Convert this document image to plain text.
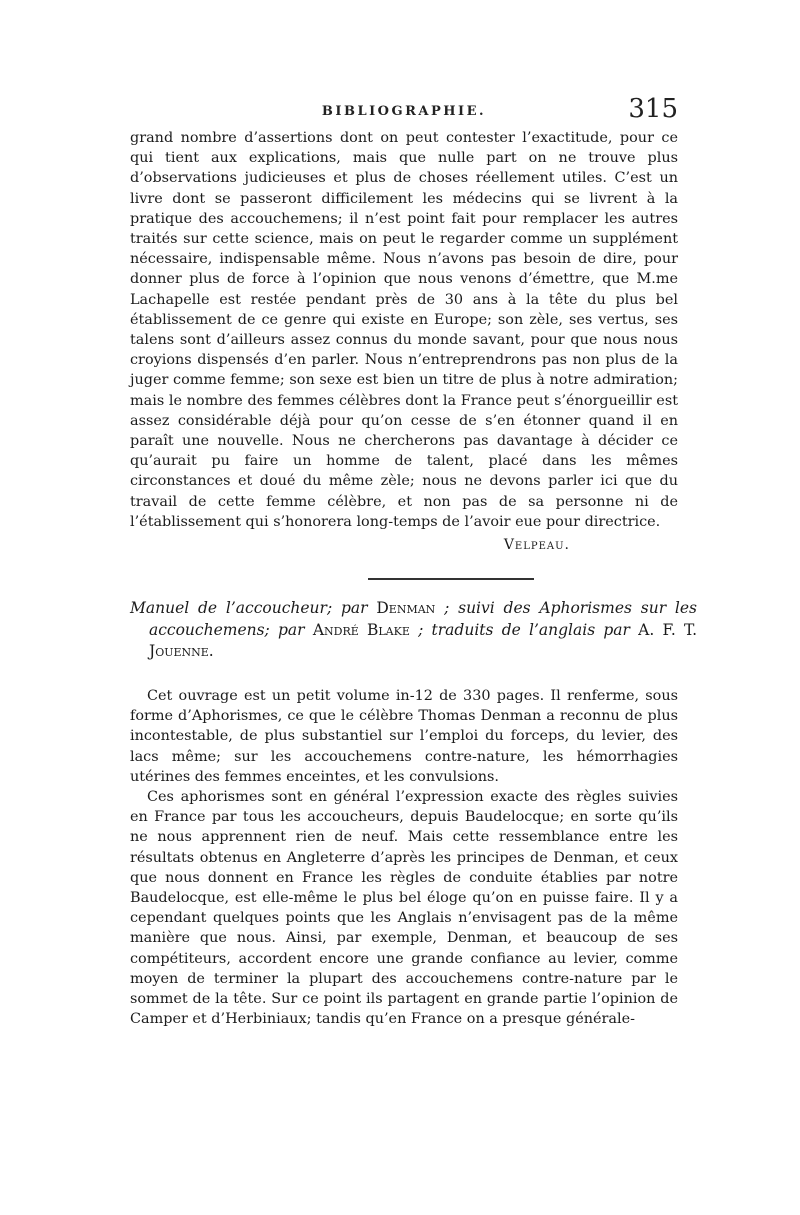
BIBLIOGRAPHIE.	315

grand nombre d’assertions dont on peut contester l’exactitude, pour ce qui tient aux explications, mais que nulle part on ne trouve plus d’observations judicieuses et plus de choses réellement utiles. C’est un livre dont se passeront difficilement les médecins qui se livrent à la pratique des accouchemens; il n’est point fait pour remplacer les autres traités sur cette science, mais on peut le regarder comme un supplément nécessaire, indispensable même. Nous n’avons pas besoin de dire, pour donner plus de force à l’opinion que nous venons d’émettre, que M.me Lachapelle est restée pendant près de 30 ans à la tête du plus bel établissement de ce genre qui existe en Europe; son zèle, ses vertus, ses talens sont d’ailleurs assez connus du monde savant, pour que nous nous croyions dispensés d’en parler. Nous n’entreprendrons pas non plus de la juger comme femme; son sexe est bien un titre de plus à notre admiration; mais le nombre des femmes célèbres dont la France peut s’énorgueillir est assez considérable déjà pour qu’on cesse de s’en étonner quand il en paraît une nouvelle. Nous ne chercherons pas davantage à décider ce qu’aurait pu faire un homme de talent, placé dans les mêmes circonstances et doué du même zèle; nous ne devons parler ici que du travail de cette femme célèbre, et non pas de sa personne ni de l’établissement qui s’honorera long-temps de l’avoir eue pour directrice.

Velpeau.
Manuel de l’accoucheur; par Denman ; suivi des Aphorismes sur les accouchemens; par André Blake ; traduits de l’anglais par A. F. T. Jouenne.

Cet ouvrage est un petit volume in-12 de 330 pages. Il renferme, sous forme d’Aphorismes, ce que le célèbre Thomas Denman a reconnu de plus incontestable, de plus substantiel sur l’emploi du forceps, du levier, des lacs même; sur les accouchemens contre-nature, les hémorrhagies utérines des femmes enceintes, et les convulsions.

Ces aphorismes sont en général l’expression exacte des règles suivies en France par tous les accoucheurs, depuis Baudelocque; en sorte qu’ils ne nous apprennent rien de neuf. Mais cette ressemblance entre les résultats obtenus en Angleterre d’après les principes de Denman, et ceux que nous donnent en France les règles de conduite établies par notre Baudelocque, est elle-même le plus bel éloge qu’on en puisse faire. Il y a cependant quelques points que les Anglais n’envisagent pas de la même manière que nous. Ainsi, par exemple, Denman, et beaucoup de ses compétiteurs, accordent encore une grande confiance au levier, comme moyen de terminer la plupart des accouchemens contre-nature par le sommet de la tête. Sur ce point ils partagent en grande partie l’opinion de Camper et d’Herbiniaux; tandis qu’en France on a presque générale-
